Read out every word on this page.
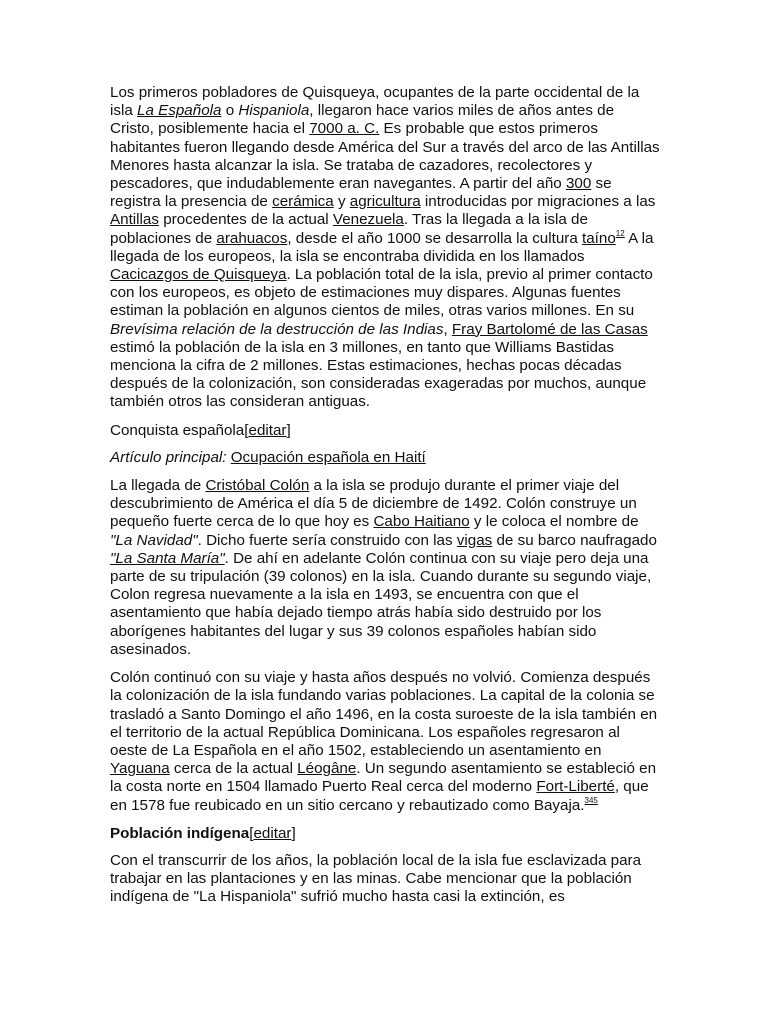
Los primeros pobladores de Quisqueya, ocupantes de la parte occidental de la isla La Española o Hispaniola, llegaron hace varios miles de años antes de Cristo, posiblemente hacia el 7000 a. C. Es probable que estos primeros habitantes fueron llegando desde América del Sur a través del arco de las Antillas Menores hasta alcanzar la isla. Se trataba de cazadores, recolectores y pescadores, que indudablemente eran navegantes. A partir del año 300 se registra la presencia de cerámica y agricultura introducidas por migraciones a las Antillas procedentes de la actual Venezuela. Tras la llegada a la isla de poblaciones de arahuacos, desde el año 1000 se desarrolla la cultura taíno$^{12}$ A la llegada de los europeos, la isla se encontraba dividida en los llamados Cacicazgos de Quisqueya. La población total de la isla, previo al primer contacto con los europeos, es objeto de estimaciones muy dispares. Algunas fuentes estiman la población en algunos cientos de miles, otras varios millones. En su Brevísima relación de la destrucción de las Indias, Fray Bartolomé de las Casas estimó la población de la isla en 3 millones, en tanto que Williams Bastidas menciona la cifra de 2 millones. Estas estimaciones, hechas pocas décadas después de la colonización, son consideradas exageradas por muchos, aunque también otros las consideran antiguas.

Conquista española[editar]

Artículo principal: Ocupación española en Haití

La llegada de Cristóbal Colón a la isla se produjo durante el primer viaje del descubrimiento de América el día 5 de diciembre de 1492. Colón construye un pequeño fuerte cerca de lo que hoy es Cabo Haitiano y le coloca el nombre de "La Navidad". Dicho fuerte sería construido con las vigas de su barco naufragado "La Santa María". De ahí en adelante Colón continua con su viaje pero deja una parte de su tripulación (39 colonos) en la isla. Cuando durante su segundo viaje, Colon regresa nuevamente a la isla en 1493, se encuentra con que el asentamiento que había dejado tiempo atrás había sido destruido por los aborígenes habitantes del lugar y sus 39 colonos españoles habían sido asesinados.

Colón continuó con su viaje y hasta años después no volvió. Comienza después la colonización de la isla fundando varias poblaciones. La capital de la colonia se trasladó a Santo Domingo el año 1496, en la costa suroeste de la isla también en el territorio de la actual República Dominicana. Los españoles regresaron al oeste de La Española en el año 1502, estableciendo un asentamiento en Yaguana cerca de la actual Léogâne. Un segundo asentamiento se estableció en la costa norte en 1504 llamado Puerto Real cerca del moderno Fort-Liberté, que en 1578 fue reubicado en un sitio cercano y rebautizado como Bayaja.$^{345}$

Población indígena[editar]

Con el transcurrir de los años, la población local de la isla fue esclavizada para trabajar en las plantaciones y en las minas. Cabe mencionar que la población indígena de "La Hispaniola" sufrió mucho hasta casi la extinción, es
